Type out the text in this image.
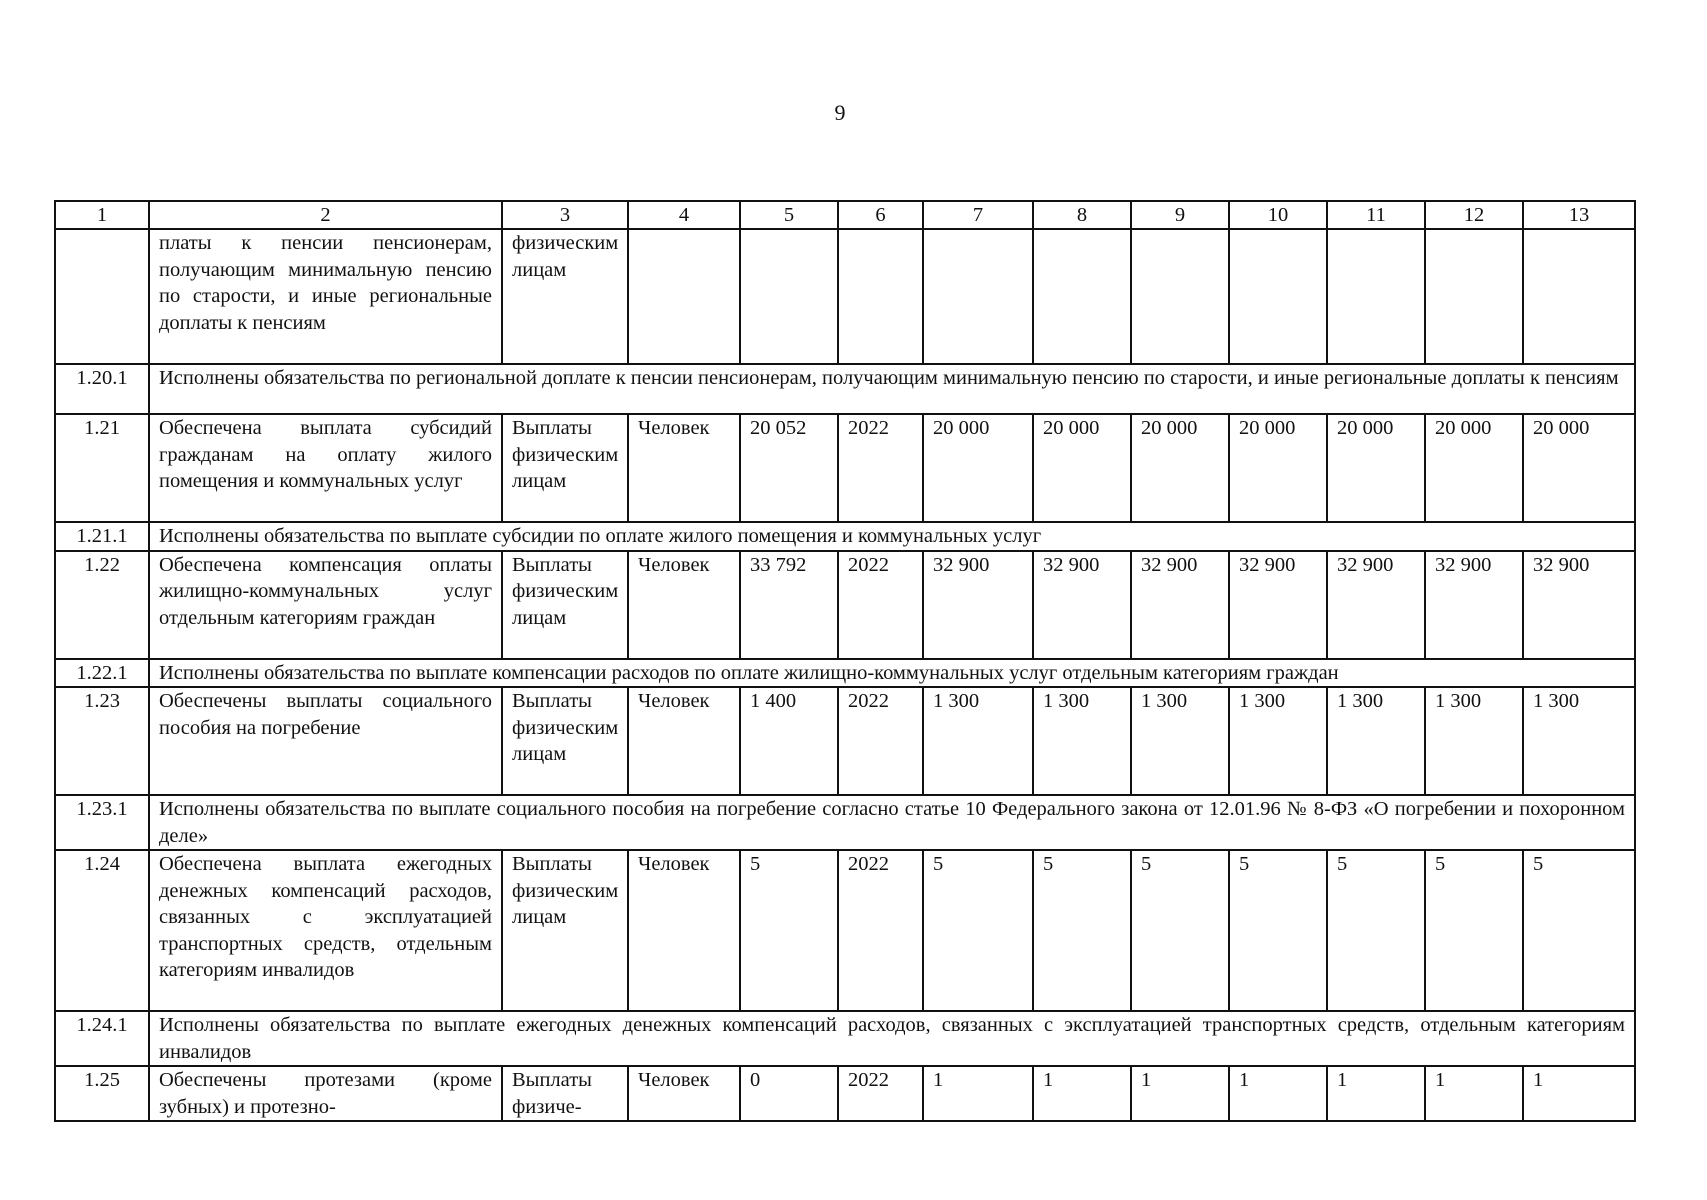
9
1	2	3	4	5	6	7	8	9	10	11	12	13
	платы к пенсии пенсионерам, получающим минимальную пенсию по старости, и иные региональные доплаты к пенсиям	физическим лицам										
1.20.1	Исполнены обязательства по региональной доплате к пенсии пенсионерам, получающим минимальную пенсию по старости, и иные региональные доплаты к пенсиям											
1.21	Обеспечена выплата субсидий гражданам на оплату жилого помещения и коммунальных услуг	Выплаты физическим лицам	Человек	20 052	2022	20 000	20 000	20 000	20 000	20 000	20 000	20 000
1.21.1	Исполнены обязательства по выплате субсидии по оплате жилого помещения и коммунальных услуг											
1.22	Обеспечена компенсация оплаты жилищно-коммунальных услуг отдельным категориям граждан	Выплаты физическим лицам	Человек	33 792	2022	32 900	32 900	32 900	32 900	32 900	32 900	32 900
1.22.1	Исполнены обязательства по выплате компенсации расходов по оплате жилищно-коммунальных услуг отдельным категориям граждан											
1.23	Обеспечены выплаты социального пособия на погребение	Выплаты физическим лицам	Человек	1 400	2022	1 300	1 300	1 300	1 300	1 300	1 300	1 300
1.23.1	Исполнены обязательства по выплате социального пособия на погребение согласно статье 10 Федерального закона от 12.01.96 № 8-ФЗ «О погребении и похоронном деле»											
1.24	Обеспечена выплата ежегодных денежных компенсаций расходов, связанных с эксплуатацией транспортных средств, отдельным категориям инвалидов	Выплаты физическим лицам	Человек	5	2022	5	5	5	5	5	5	5
1.24.1	Исполнены обязательства по выплате ежегодных денежных компенсаций расходов, связанных с эксплуатацией транспортных средств, отдельным категориям инвалидов											
1.25	Обеспечены протезами (кроме зубных) и протезно-	Выплаты физиче-	Человек	0	2022	1	1	1	1	1	1	1
